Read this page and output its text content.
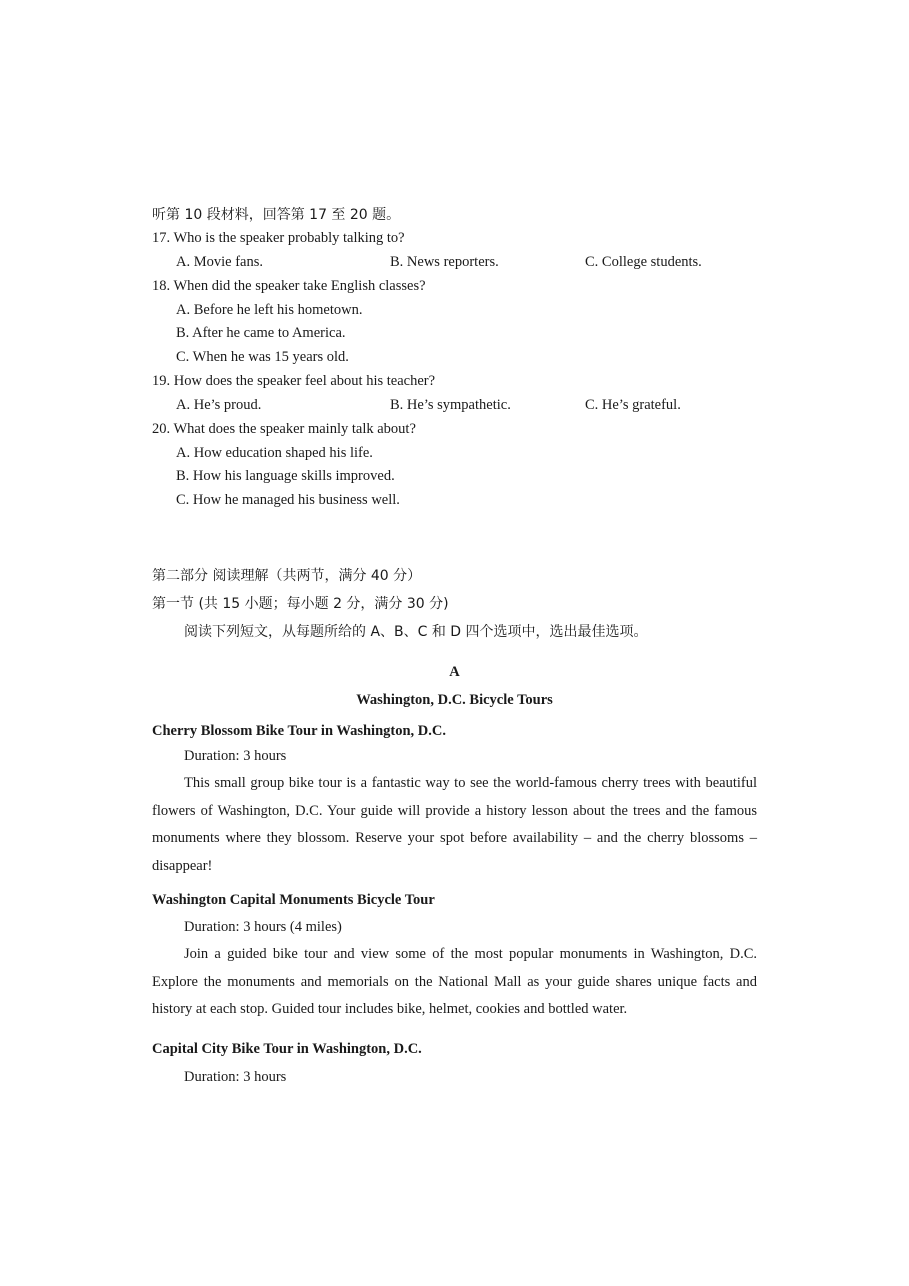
听第 10 段材料，回答第 17 至 20 题。
17. Who is the speaker probably talking to?
A. Movie fans.	B. News reporters.	C. College students.
18. When did the speaker take English classes?
A. Before he left his hometown.
B. After he came to America.
C. When he was 15 years old.
19. How does the speaker feel about his teacher?
A. He’s proud.	B. He’s sympathetic.	C. He’s grateful.
20. What does the speaker mainly talk about?
A. How education shaped his life.
B. How his language skills improved.
C. How he managed his business well.
第二部分 阅读理解（共两节，满分 40 分）
第一节 (共 15 小题；每小题 2 分，满分 30 分)
阅读下列短文，从每题所给的 A、B、C 和 D 四个选项中，选出最佳选项。
A
Washington, D.C. Bicycle Tours
Cherry Blossom Bike Tour in Washington, D.C.
Duration: 3 hours
This small group bike tour is a fantastic way to see the world-famous cherry trees with beautiful flowers of Washington, D.C. Your guide will provide a history lesson about the trees and the famous monuments where they blossom. Reserve your spot before availability – and the cherry blossoms – disappear!
Washington Capital Monuments Bicycle Tour
Duration: 3 hours (4 miles)
Join a guided bike tour and view some of the most popular monuments in Washington, D.C. Explore the monuments and memorials on the National Mall as your guide shares unique facts and history at each stop. Guided tour includes bike, helmet, cookies and bottled water.
Capital City Bike Tour in Washington, D.C.
Duration: 3 hours
